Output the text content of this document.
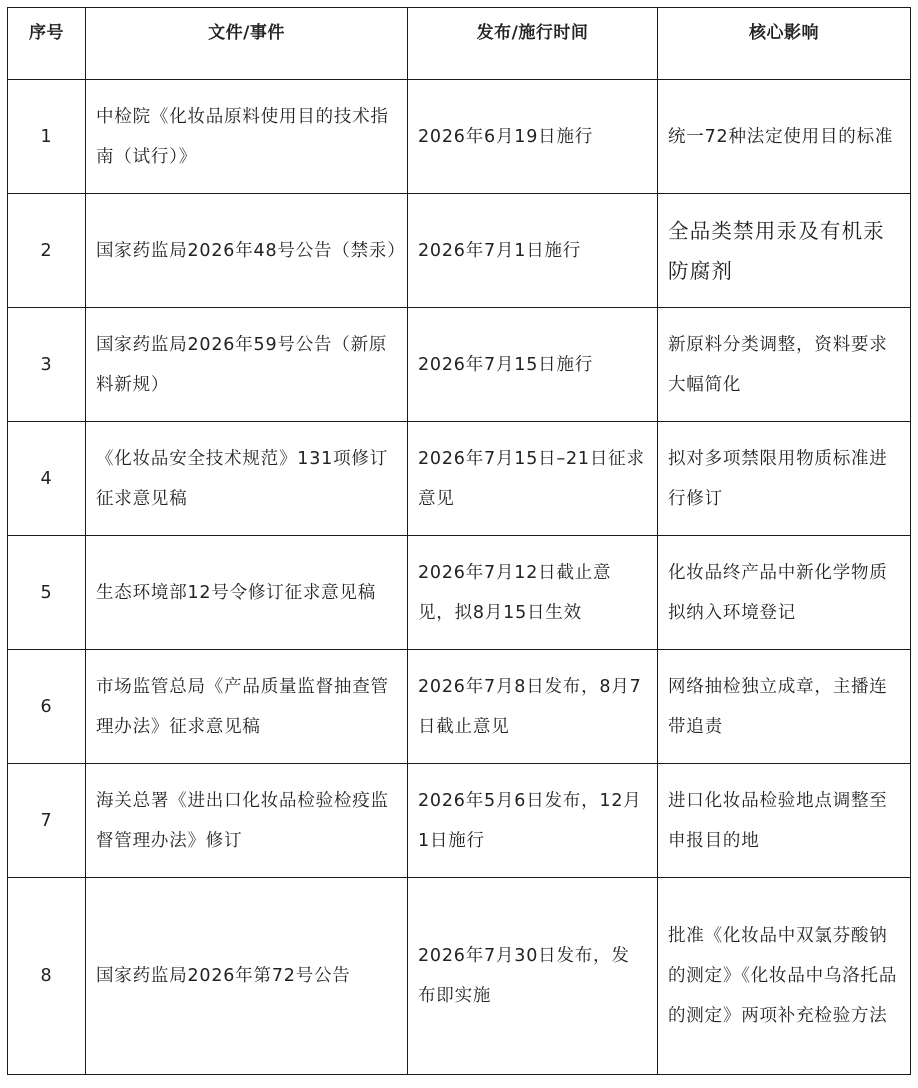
序号	文件/事件	发布/施行时间	核心影响
1	中检院《化妆品原料使用目的技术指南（试行）》	2026年6月19日施行	统一72种法定使用目的标准
2	国家药监局2026年48号公告（禁汞）	2026年7月1日施行	全品类禁用汞及有机汞防腐剂
3	国家药监局2026年59号公告（新原料新规）	2026年7月15日施行	新原料分类调整，资料要求大幅简化
4	《化妆品安全技术规范》131项修订征求意见稿	2026年7月15日–21日征求意见	拟对多项禁限用物质标准进行修订
5	生态环境部12号令修订征求意见稿	2026年7月12日截止意见，拟8月15日生效	化妆品终产品中新化学物质拟纳入环境登记
6	市场监管总局《产品质量监督抽查管理办法》征求意见稿	2026年7月8日发布，8月7日截止意见	网络抽检独立成章，主播连带追责
7	海关总署《进出口化妆品检验检疫监督管理办法》修订	2026年5月6日发布，12月1日施行	进口化妆品检验地点调整至申报目的地
8	国家药监局2026年第72号公告	2026年7月30日发布，发布即实施	批准《化妆品中双氯芬酸钠的测定》《化妆品中乌洛托品的测定》两项补充检验方法
